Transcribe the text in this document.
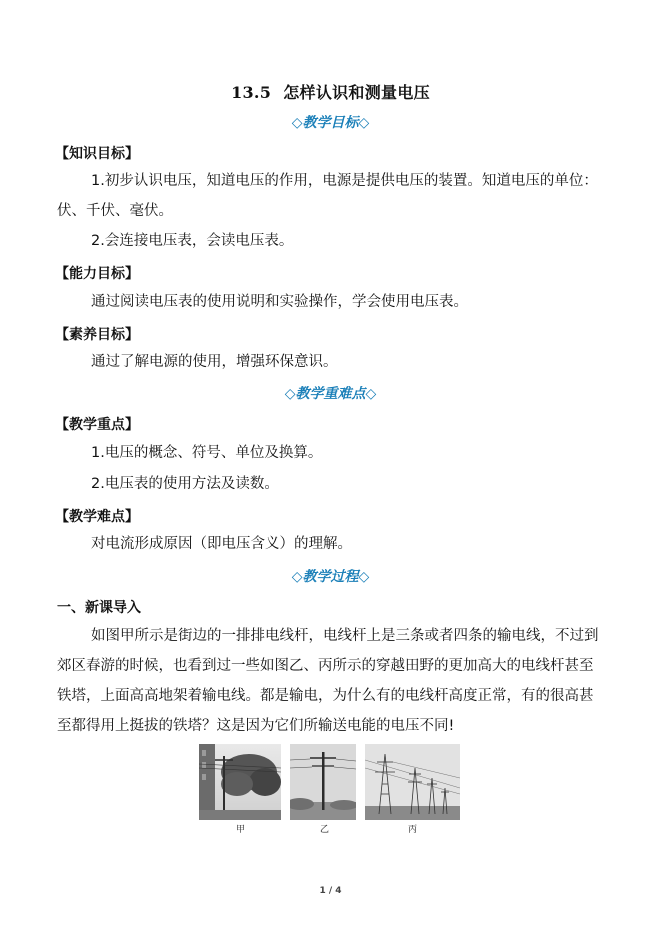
13.5 怎样认识和测量电压
◇教学目标◇
【知识目标】
1.初步认识电压，知道电压的作用，电源是提供电压的装置。知道电压的单位：伏、千伏、毫伏。
2.会连接电压表，会读电压表。
【能力目标】
通过阅读电压表的使用说明和实验操作，学会使用电压表。
【素养目标】
通过了解电源的使用，增强环保意识。
◇教学重难点◇
【教学重点】
1.电压的概念、符号、单位及换算。
2.电压表的使用方法及读数。
【教学难点】
对电流形成原因（即电压含义）的理解。
◇教学过程◇
一、新课导入
如图甲所示是街边的一排排电线杆，电线杆上是三条或者四条的输电线，不过到郊区春游的时候，也看到过一些如图乙、丙所示的穿越田野的更加高大的电线杆甚至铁塔，上面高高地架着输电线。都是输电，为什么有的电线杆高度正常，有的很高甚至都得用上挺拔的铁塔？这是因为它们所输送电能的电压不同!
甲	乙	丙
1 / 4
